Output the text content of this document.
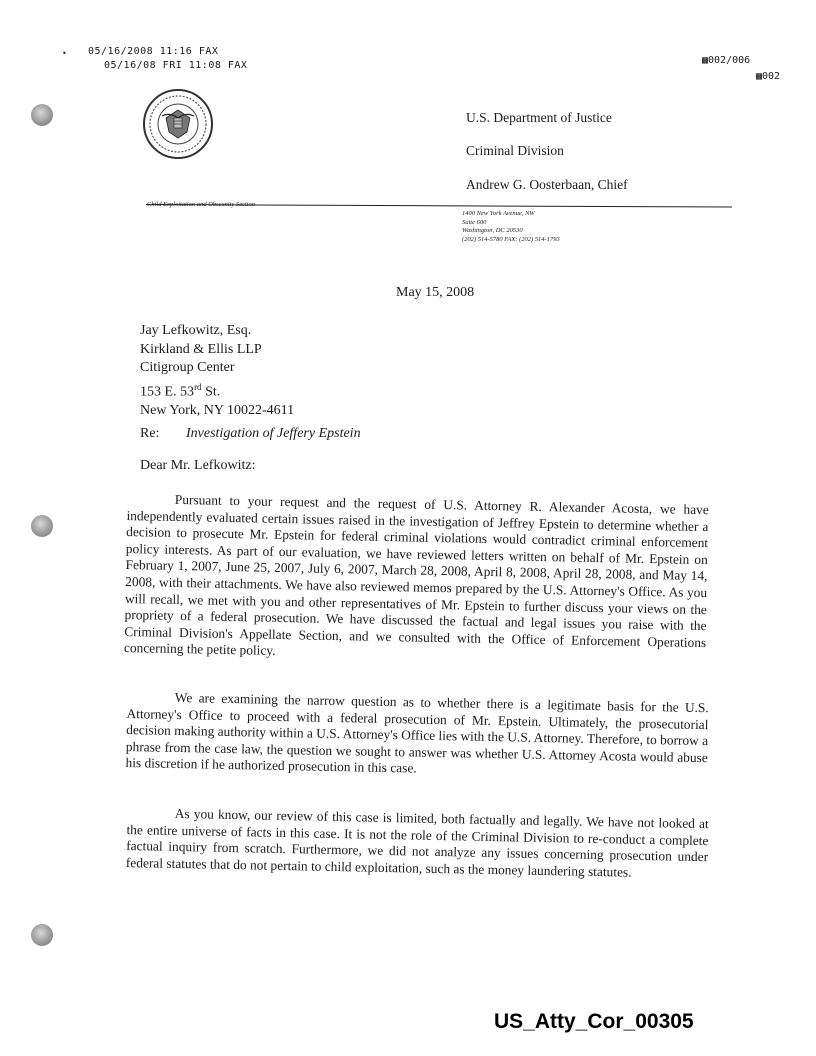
• 05/16/2008 11:16 FAX
05/16/08 FRI 11:08 FAX	▩002/006
▩002
U.S. Department of Justice
Criminal Division
Andrew G. Oosterbaan, Chief
Child Exploitation and Obscenity Section
1400 New York Avenue, NW
Suite 600
Washington, DC 20530
(202) 514-5780 FAX: (202) 514-1793
May 15, 2008
Jay Lefkowitz, Esq.
Kirkland & Ellis LLP
Citigroup Center
153 E. 53rd St.
New York, NY 10022-4611
Re: Investigation of Jeffery Epstein
Dear Mr. Lefkowitz:

Pursuant to your request and the request of U.S. Attorney R. Alexander Acosta, we have independently evaluated certain issues raised in the investigation of Jeffrey Epstein to determine whether a decision to prosecute Mr. Epstein for federal criminal violations would contradict criminal enforcement policy interests. As part of our evaluation, we have reviewed letters written on behalf of Mr. Epstein on February 1, 2007, June 25, 2007, July 6, 2007, March 28, 2008, April 8, 2008, April 28, 2008, and May 14, 2008, with their attachments. We have also reviewed memos prepared by the U.S. Attorney's Office. As you will recall, we met with you and other representatives of Mr. Epstein to further discuss your views on the propriety of a federal prosecution. We have discussed the factual and legal issues you raise with the Criminal Division's Appellate Section, and we consulted with the Office of Enforcement Operations concerning the petite policy.

We are examining the narrow question as to whether there is a legitimate basis for the U.S. Attorney's Office to proceed with a federal prosecution of Mr. Epstein. Ultimately, the prosecutorial decision making authority within a U.S. Attorney's Office lies with the U.S. Attorney. Therefore, to borrow a phrase from the case law, the question we sought to answer was whether U.S. Attorney Acosta would abuse his discretion if he authorized prosecution in this case.

As you know, our review of this case is limited, both factually and legally. We have not looked at the entire universe of facts in this case. It is not the role of the Criminal Division to re-conduct a complete factual inquiry from scratch. Furthermore, we did not analyze any issues concerning prosecution under federal statutes that do not pertain to child exploitation, such as the money laundering statutes.

US_Atty_Cor_00305
